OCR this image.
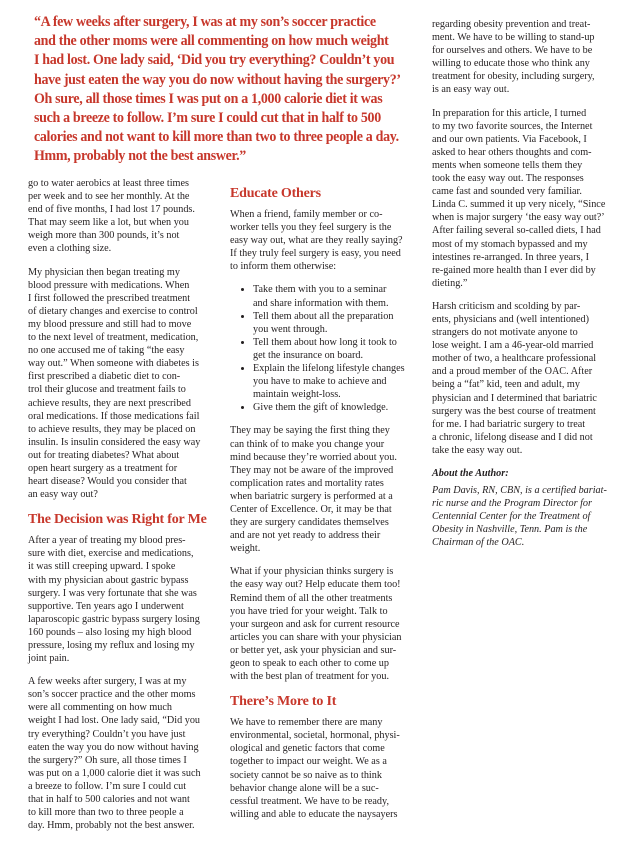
“A few weeks after surgery, I was at my son’s soccer practice
and the other moms were all commenting on how much weight
I had lost. One lady said, ‘Did you try everything? Couldn’t you
have just eaten the way you do now without having the surgery?’
Oh sure, all those times I was put on a 1,000 calorie diet it was
such a breeze to follow. I’m sure I could cut that in half to 500
calories and not want to kill more than two to three people a day.
Hmm, probably not the best answer.”

go to water aerobics at least three times
per week and to see her monthly. At the
end of five months, I had lost 17 pounds.
That may seem like a lot, but when you
weigh more than 300 pounds, it’s not
even a clothing size.

My physician then began treating my
blood pressure with medications. When
I first followed the prescribed treatment
of dietary changes and exercise to control
my blood pressure and still had to move
to the next level of treatment, medication,
no one accused me of taking “the easy
way out.” When someone with diabetes is
first prescribed a diabetic diet to con-
trol their glucose and treatment fails to
achieve results, they are next prescribed
oral medications. If those medications fail
to achieve results, they may be placed on
insulin. Is insulin considered the easy way
out for treating diabetes? What about
open heart surgery as a treatment for
heart disease? Would you consider that
an easy way out?

The Decision was Right for Me

After a year of treating my blood pres-
sure with diet, exercise and medications,
it was still creeping upward. I spoke
with my physician about gastric bypass
surgery. I was very fortunate that she was
supportive. Ten years ago I underwent
laparoscopic gastric bypass surgery losing
160 pounds – also losing my high blood
pressure, losing my reflux and losing my
joint pain.

A few weeks after surgery, I was at my
son’s soccer practice and the other moms
were all commenting on how much
weight I had lost. One lady said, “Did you
try everything? Couldn’t you have just
eaten the way you do now without having
the surgery?” Oh sure, all those times I
was put on a 1,000 calorie diet it was such
a breeze to follow. I’m sure I could cut
that in half to 500 calories and not want
to kill more than two to three people a
day. Hmm, probably not the best answer.

Educate Others

When a friend, family member or co-
worker tells you they feel surgery is the
easy way out, what are they really saying?
If they truly feel surgery is easy, you need
to inform them otherwise:

• Take them with you to a seminar
and share information with them.
• Tell them about all the preparation
you went through.
• Tell them about how long it took to
get the insurance on board.
• Explain the lifelong lifestyle changes
you have to make to achieve and
maintain weight-loss.
• Give them the gift of knowledge.

They may be saying the first thing they
can think of to make you change your
mind because they’re worried about you.
They may not be aware of the improved
complication rates and mortality rates
when bariatric surgery is performed at a
Center of Excellence. Or, it may be that
they are surgery candidates themselves
and are not yet ready to address their
weight.

What if your physician thinks surgery is
the easy way out? Help educate them too!
Remind them of all the other treatments
you have tried for your weight. Talk to
your surgeon and ask for current resource
articles you can share with your physician
or better yet, ask your physician and sur-
geon to speak to each other to come up
with the best plan of treatment for you.

There’s More to It

We have to remember there are many
environmental, societal, hormonal, physi-
ological and genetic factors that come
together to impact our weight. We as a
society cannot be so naive as to think
behavior change alone will be a suc-
cessful treatment. We have to be ready,
willing and able to educate the naysayers

regarding obesity prevention and treat-
ment. We have to be willing to stand-up
for ourselves and others. We have to be
willing to educate those who think any
treatment for obesity, including surgery,
is an easy way out.

In preparation for this article, I turned
to my two favorite sources, the Internet
and our own patients. Via Facebook, I
asked to hear others thoughts and com-
ments when someone tells them they
took the easy way out. The responses
came fast and sounded very familiar.
Linda C. summed it up very nicely, “Since
when is major surgery ‘the easy way out?’
After failing several so-called diets, I had
most of my stomach bypassed and my
intestines re-arranged. In three years, I
re-gained more health than I ever did by
dieting.”

Harsh criticism and scolding by par-
ents, physicians and (well intentioned)
strangers do not motivate anyone to
lose weight. I am a 46-year-old married
mother of two, a healthcare professional
and a proud member of the OAC. After
being a “fat” kid, teen and adult, my
physician and I determined that bariatric
surgery was the best course of treatment
for me. I had bariatric surgery to treat
a chronic, lifelong disease and I did not
take the easy way out.

About the Author:

Pam Davis, RN, CBN, is a certified bariat-
ric nurse and the Program Director for
Centennial Center for the Treatment of
Obesity in Nashville, Tenn. Pam is the
Chairman of the OAC.
